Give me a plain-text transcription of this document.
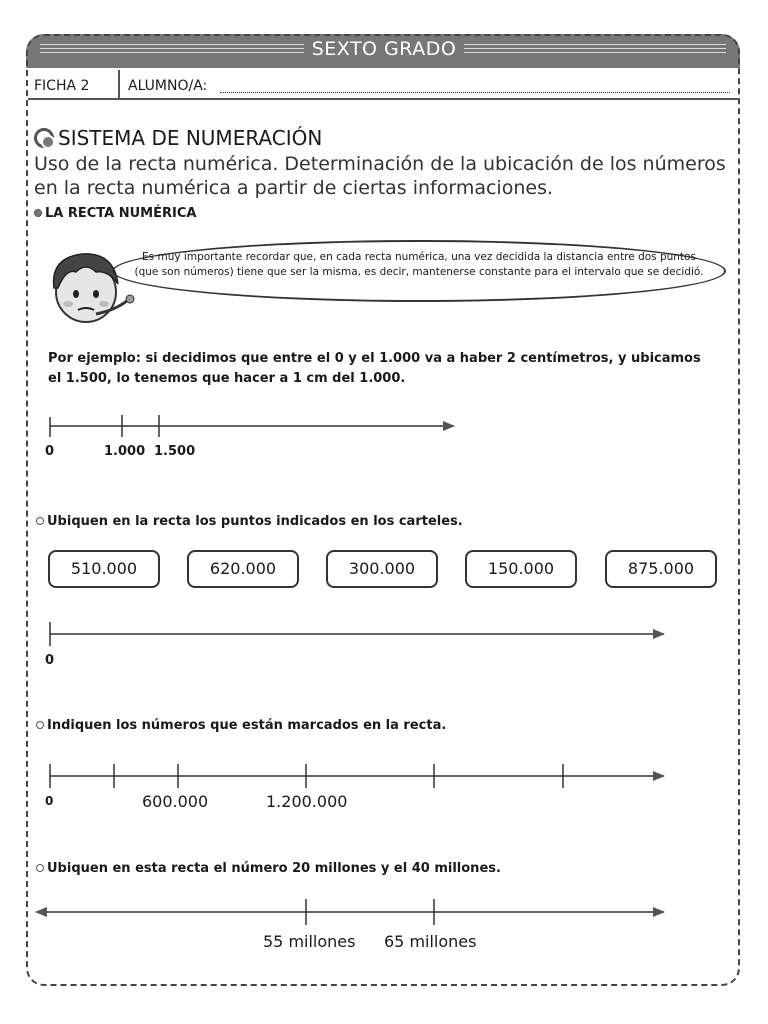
SEXTO GRADO
FICHA 2	ALUMNO/A:
SISTEMA DE NUMERACIÓN
Uso de la recta numérica. Determinación de la ubicación de los números en la recta numérica a partir de ciertas informaciones.
LA RECTA NUMÉRICA
Es muy importante recordar que, en cada recta numérica, una vez decidida la distancia entre dos puntos (que son números) tiene que ser la misma, es decir, mantenerse constante para el intervalo que se decidió.
Por ejemplo: si decidimos que entre el 0 y el 1.000 va a haber 2 centímetros, y ubicamos el 1.500, lo tenemos que hacer a 1 cm del 1.000.
0	1.000 1.500
Ubiquen en la recta los puntos indicados en los carteles.
510.000	620.000	300.000	150.000	875.000
0
Indiquen los números que están marcados en la recta.
0	600.000	1.200.000
Ubiquen en esta recta el número 20 millones y el 40 millones.
55 millones 65 millones
